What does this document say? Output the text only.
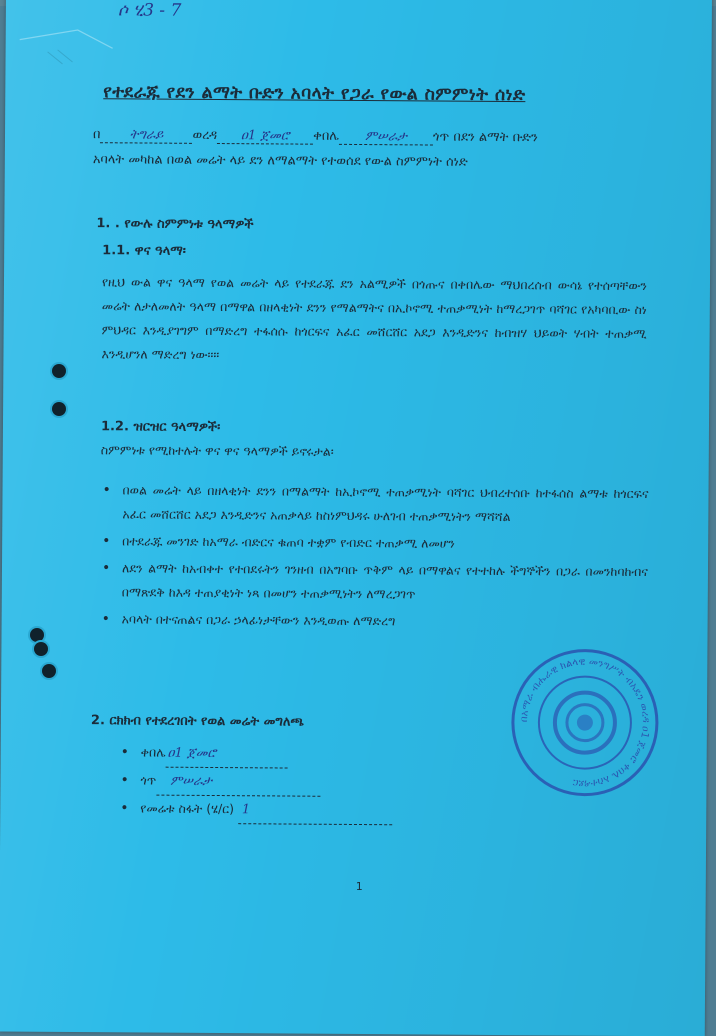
ሶ ሂ3 - 7
የተደራጁ የደን ልማት ቡድን አባላት የጋራ የውል ስምምነት ሰነድ
በ ትግራይ ወረዳ ዐ1 ጀመሮ ቀበሌ ምሠራታ ጎጥ በደን ልማት ቡድን
አባላት መካከል በወል መሬት ላይ ደን ለማልማት የተወሰደ የውል ስምምነት ሰነድ
1. . የውሉ ስምምነቱ ዓላማዎች
1.1. ዋና ዓላማ፡
የዚህ ውል ዋና ዓላማ የወል መሬት ላይ የተደራጁ ደን አልሚዎች በጎጡና በቀበሌው ማህበረሰብ ውሳኔ የተሰጣቸውን መሬት ለታለመለት ዓላማ በማዋል በዘላቂነት ደንን የማልማትና በኢኮኖሚ ተጠቃሚነት ከማረጋገጥ ባሻገር የአካባቢው ስነ ምህዳር እንዲያገግም በማድረግ ተፋሰሱ ከጎርፍና አፈር መሸርሸር አደጋ እንዲድንና ከብዝሃ ህይወት ሃብት ተጠቃሚ እንዲሆንለ ማድረግ ነው።።
1.2. ዝርዝር ዓላማዎች፡
ስምምነቱ የሚከተሉት ዋና ዋና ዓላማዎች ይኖሩታል፡
• በወል መሬት ላይ በዘላቂነት ደንን በማልማት ከኢኮኖሚ ተጠቃሚነት ባሻገር ህብረተሰቡ ከተፋሰስ ልማቱ ከጎርፍና አፈር መሸርሸር አደጋ እንዲድንና አጠቃላይ ከስነምህዳሩ ሁለገብ ተጠቃሚነትን ማሻሻል
• በተደራጁ መንገድ ከአማራ ብድርና ቁጠባ ተቋም የብድር ተጠቃሚ ለመሆን
• ለደን ልማት ከአብቀተ የተበደሩትን ገንዘብ በአግባቡ ጥቅም ላይ በማዋልና የተተከሉ ችግኞችን በጋራ በመንከባከብና በማጽደቅ ከእዳ ተጠያቂነት ነጻ በመሆን ተጠቃሚነትን ለማረጋገጥ
• አባላት በተናጠልና በጋራ ኃላፊነታቸውን እንዲወጡ ለማድረግ
2. ርክክብ የተደረገበት የወል መሬት መግለጫ
• ቀበሌ ዐ1 ጀመሮ
• ጎጥ ምሠራታ
• የመሬቱ ስፋት (ሄ/ር) 1
በአማራ ብሔራዊ ክልላዊ መንግሥት ብአዴን ወረዳ ዐ1 ጀመሮ ቀበሌ አስተዳደር
1
